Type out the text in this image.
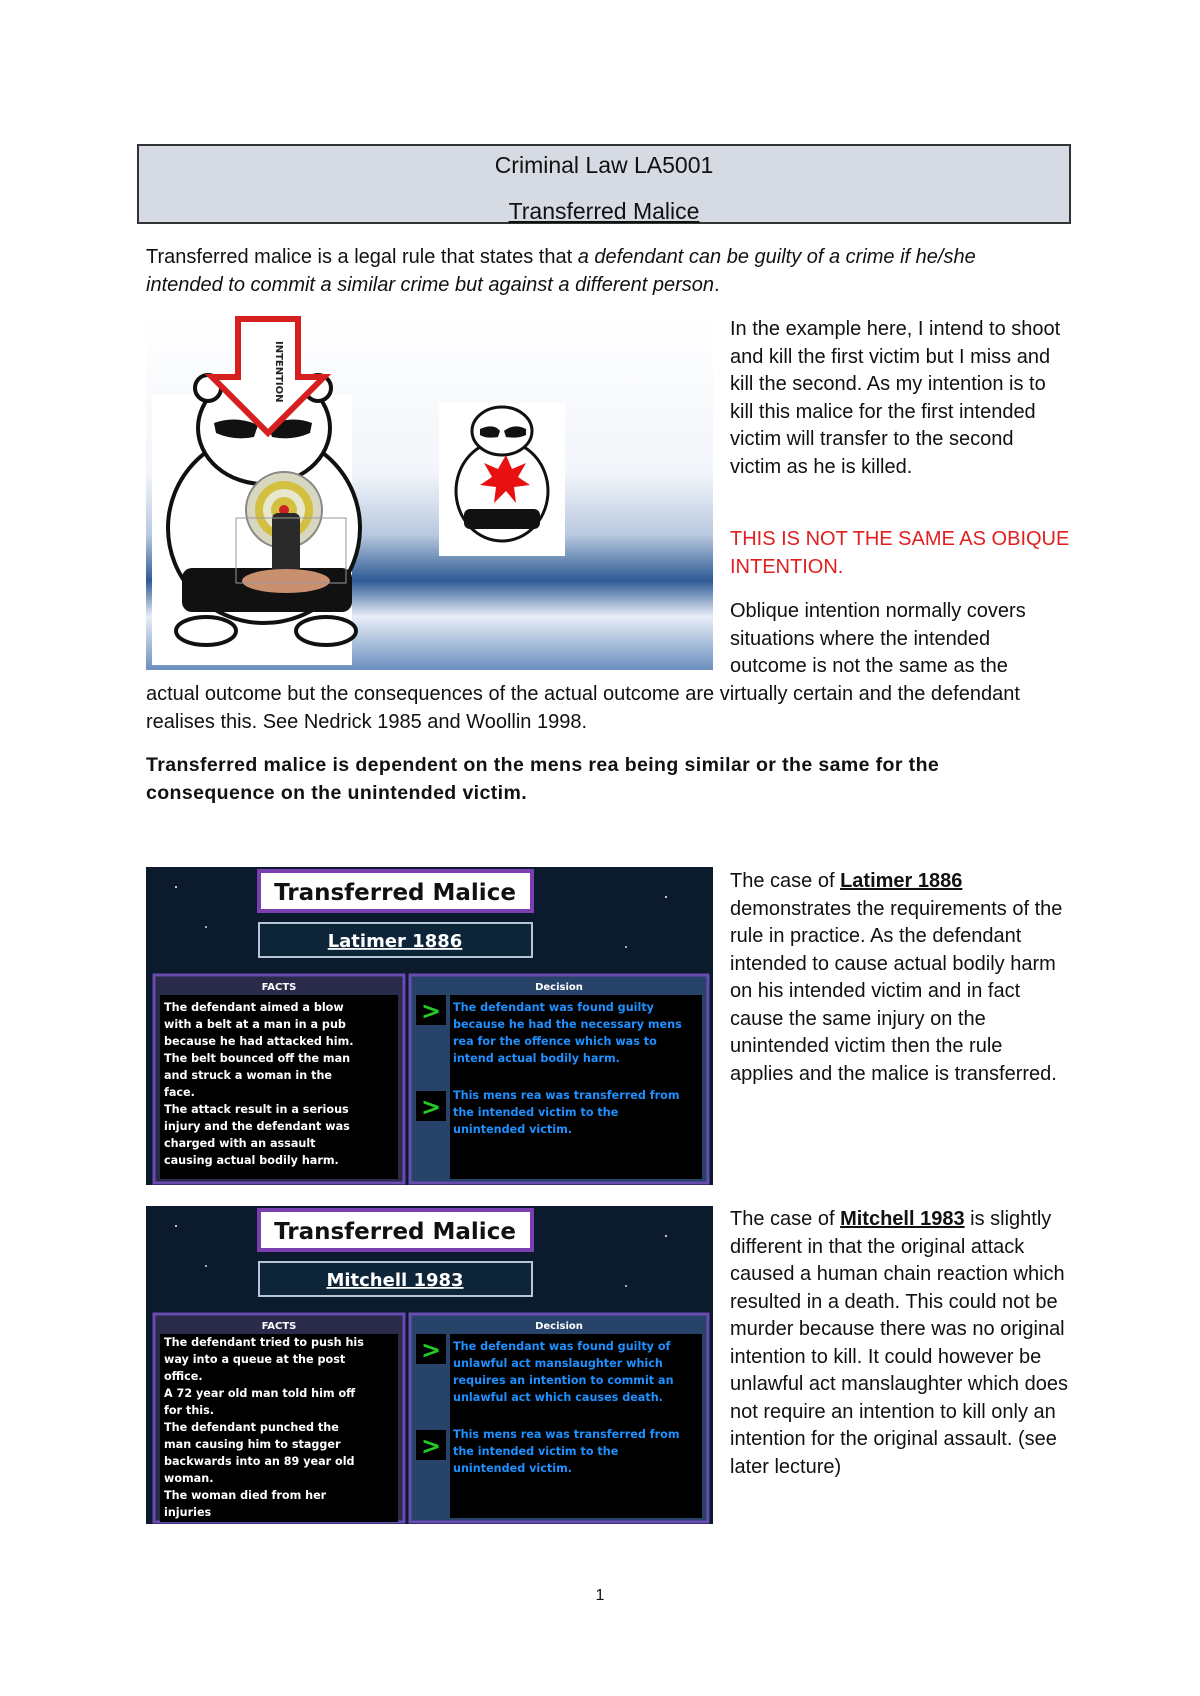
Criminal Law LA5001
Transferred Malice
Transferred malice is a legal rule that states that a defendant can be guilty of a crime if he/she intended to commit a similar crime but against a different person.
INTENTION
In the example here, I intend to shoot and kill the first victim but I miss and kill the second. As my intention is to kill this malice for the first intended victim will transfer to the second victim as he is killed.
THIS IS NOT THE SAME AS OBIQUE INTENTION.
Oblique intention normally covers situations where the intended outcome is not the same as the
actual outcome but the consequences of the actual outcome are virtually certain and the defendant realises this. See Nedrick 1985 and Woollin 1998.
Transferred malice is dependent on the mens rea being similar or the same for the consequence on the unintended victim.
Transferred Malice
Latimer 1886
FACTS
The defendant aimed a blow
with a belt at a man in a pub
because he had attacked him.
The belt bounced off the man
and struck a woman in the
face.
The attack result in a serious
injury and the defendant was
charged with an assault
causing actual bodily harm.
Decision
>
>
The defendant was found guilty
because he had the necessary mens
rea for the offence which was to
intend actual bodily harm.
This mens rea was transferred from
the intended victim to the
unintended victim.
The case of Latimer 1886 demonstrates the requirements of the rule in practice. As the defendant intended to cause actual bodily harm on his intended victim and in fact cause the same injury on the unintended victim then the rule applies and the malice is transferred.
Transferred Malice
Mitchell 1983
FACTS
The defendant tried to push his
way into a queue at the post
office.
A 72 year old man told him off
for this.
The defendant punched the
man causing him to stagger
backwards into an 89 year old
woman.
The woman died from her
injuries
Decision
>
>
The defendant was found guilty of
unlawful act manslaughter which
requires an intention to commit an
unlawful act which causes death.
This mens rea was transferred from
the intended victim to the
unintended victim.
The case of Mitchell 1983 is slightly different in that the original attack caused a human chain reaction which resulted in a death. This could not be murder because there was no original intention to kill. It could however be unlawful act manslaughter which does not require an intention to kill only an intention for the original assault. (see later lecture)
1
